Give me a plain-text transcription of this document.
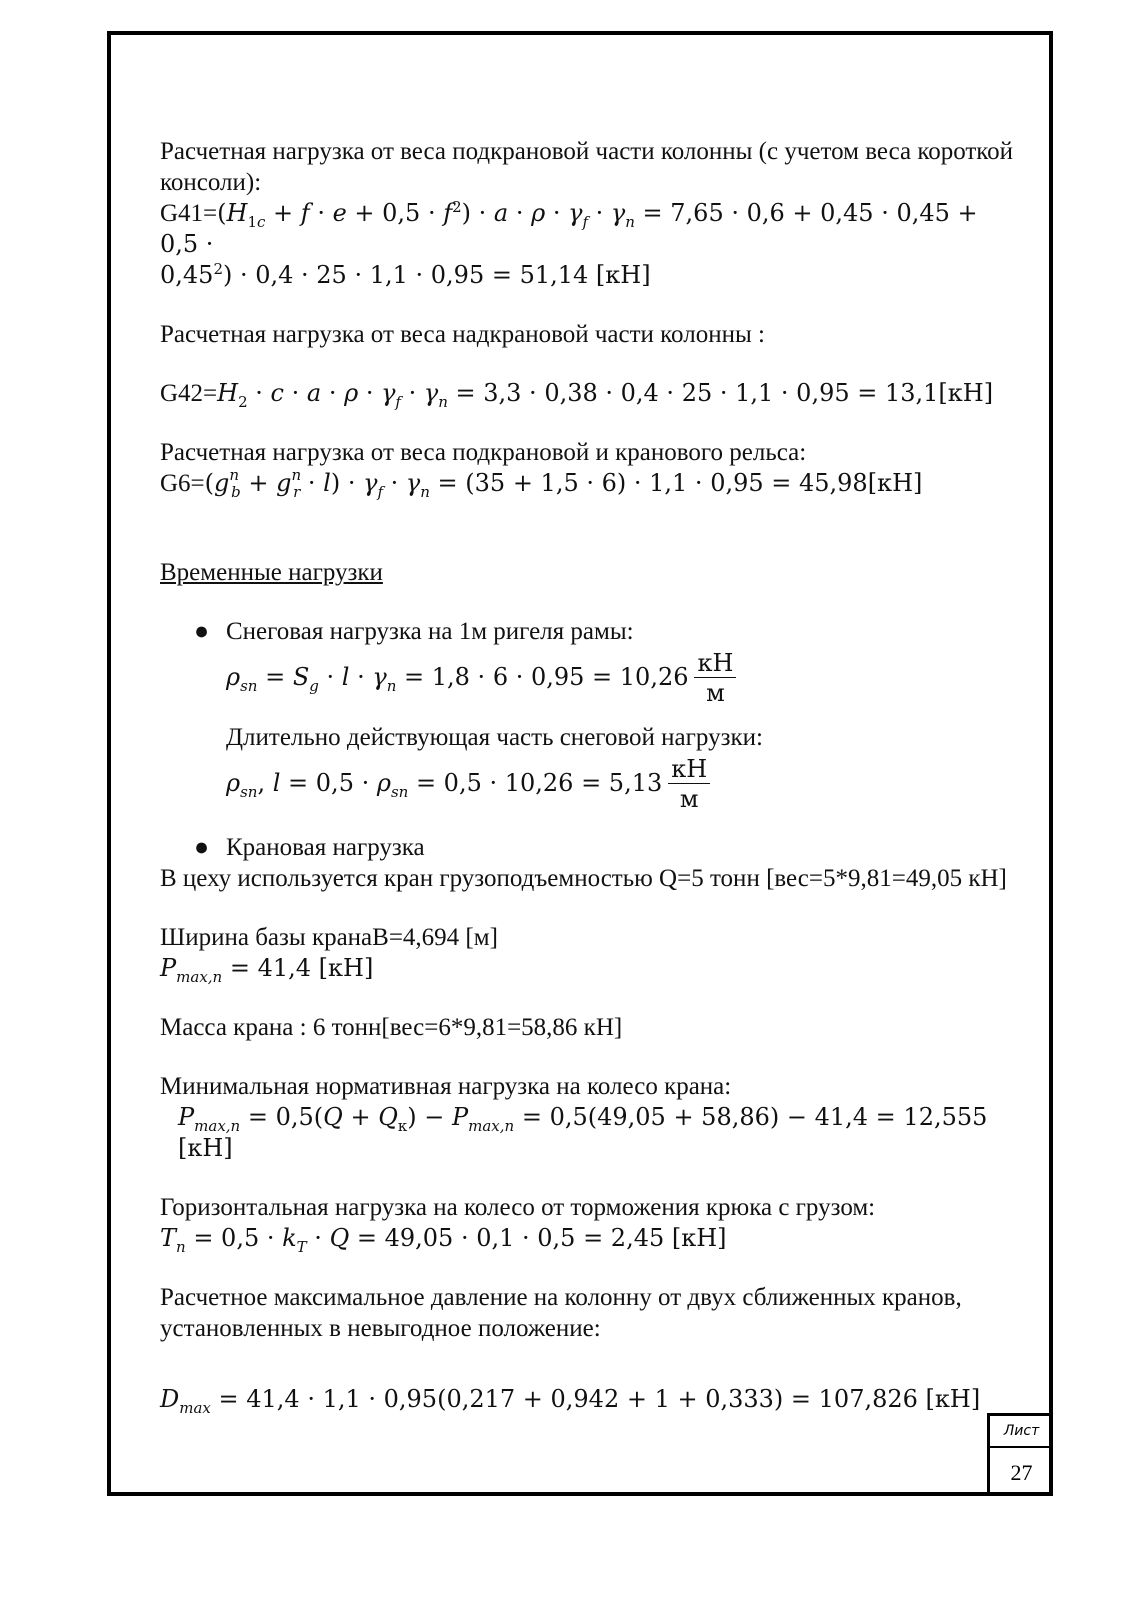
Расчетная нагрузка от веса подкрановой части колонны (с учетом веса короткой консоли):

$G41=(H_{1c} + f \cdot e + 0,5 \cdot f^2) \cdot a \cdot \rho \cdot \gamma_f \cdot \gamma_n = 7,65 \cdot 0,6 + 0,45 \cdot 0,45 + 0,5$ ·

$0,45^2) \cdot 0,4 \cdot 25 \cdot 1,1 \cdot 0,95 = 51,14$ [кН]

Расчетная нагрузка от веса надкрановой части колонны :

$G42=H_2 \cdot c \cdot a \cdot \rho \cdot \gamma_f \cdot \gamma_n = 3,3 \cdot 0,38 \cdot 0,4 \cdot 25 \cdot 1,1 \cdot 0,95 = 13,1[кН]$

Расчетная нагрузка от веса подкрановой и кранового рельса:

$G6=(g^n_b + g^n_r \cdot l) \cdot \gamma_f \cdot \gamma_n = (35 + 1,5 \cdot 6) \cdot 1,1 \cdot 0,95 = 45,98[кН]$

Временные нагрузки

● Снеговая нагрузка на 1м ригеля рамы:

$\rho_{sn} = S_g \cdot l \cdot \gamma_n = 1,8 \cdot 6 \cdot 0,95 = 10,26 \frac{кН}{м}$

Длительно действующая часть снеговой нагрузки:

$\rho_{sn}$, $l = 0,5 \cdot \rho_{sn} = 0,5 \cdot 10,26 = 5,13 \frac{кН}{м}$

● Крановая нагрузка

В цеху используется кран грузоподъемностью Q=5 тонн [вес=5*9,81=49,05 кН]

Ширина базы кранаB=4,694 [м]

$P_{max,n} = 41,4$ [кН]

Масса крана : 6 тонн[вес=6*9,81=58,86 кН]

Минимальная нормативная нагрузка на колесо крана:

$P_{max,n} = 0,5(Q + Q_к) - P_{max,n} = 0,5(49,05 + 58,86) - 41,4 = 12,555$ [кН]

Горизонтальная нагрузка на колесо от торможения крюка с грузом:

$T_n = 0,5 \cdot k_T \cdot Q = 49,05 \cdot 0,1 \cdot 0,5 = 2,45$ [кН]

Расчетное максимальное давление на колонну от двух сближенных кранов, установленных в невыгодное положение:

$D_{max} = 41,4 \cdot 1,1 \cdot 0,95(0,217 + 0,942 + 1 + 0,333) = 107,826$ [кН]

Лист
27
